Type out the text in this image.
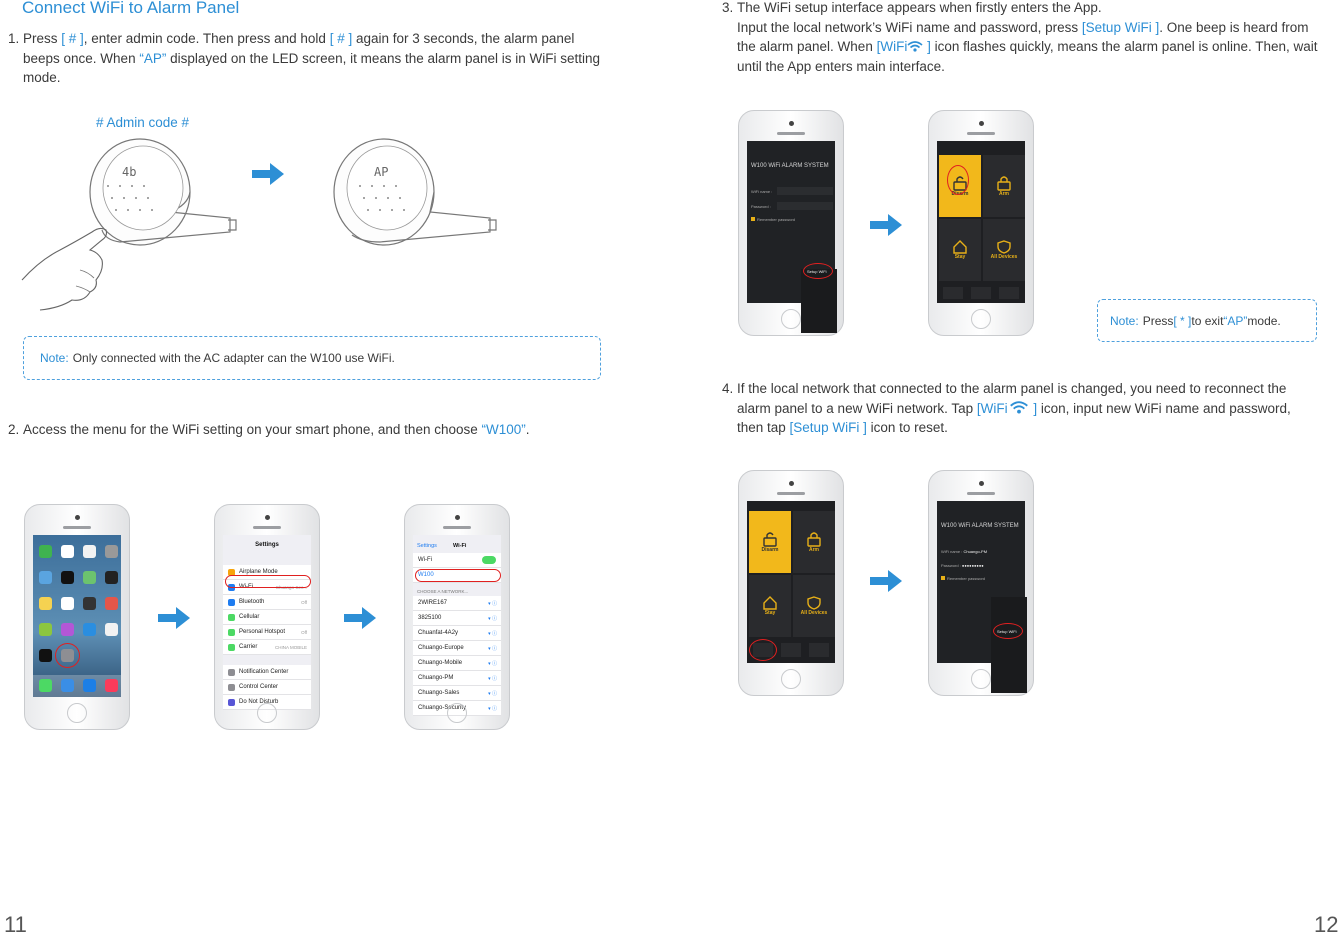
Connect WiFi to Alarm Panel
1. Press [ # ], enter admin code. Then press and hold [ # ] again for 3 seconds, the alarm panel beeps once. When “AP” displayed on the LED screen, it means the alarm panel is in WiFi setting mode.
# Admin code #
4b	AP
Note: Only connected with the AC adapter can the W100 use WiFi.
2. Access the menu for the WiFi setting on your smart phone, and then choose “W100”.
Settings
Airplane Mode
Wi-Fi	Chuango-Sec...
Bluetooth	Off
Cellular
Personal Hotspot	Off
Carrier	CHINA MOBILE
Notification Center
Control Center
Do Not Disturb
Settings	Wi-Fi
Wi-Fi
W100
CHOOSE A NETWORK...
2WIRE167	▾ ⓘ
3825100	▾ ⓘ
Chuanfat-4A2y	▾ ⓘ
Chuango-Europe	▾ ⓘ
Chuango-Mobile	▾ ⓘ
Chuango-PM	▾ ⓘ
Chuango-Sales	▾ ⓘ
Chuango-Security	▾ ⓘ
11
3. The WiFi setup interface appears when firstly enters the App.
Input the local network’s WiFi name and password, press [Setup WiFi ]. One beep is heard from the alarm panel. When [WiFi ] icon flashes quickly, means the alarm panel is online. Then, wait until the App enters main interface.
W100 WiFi ALARM SYSTEM
WiFi name :
Password :
Remember password
Setup WiFi
Disarm	Arm
Stay	All Devices
Note: Press [ * ] to exit “AP” mode.
4. If the local network that connected to the alarm panel is changed, you need to reconnect the alarm panel to a new WiFi network. Tap [WiFi ] icon, input new WiFi name and password, then tap [Setup WiFi ] icon to reset.
Disarm	Arm
Stay	All Devices
W100 WiFi ALARM SYSTEM
WiFi name : Chuango-PM
Password : ●●●●●●●●●
Remember password
Setup WiFi
12
